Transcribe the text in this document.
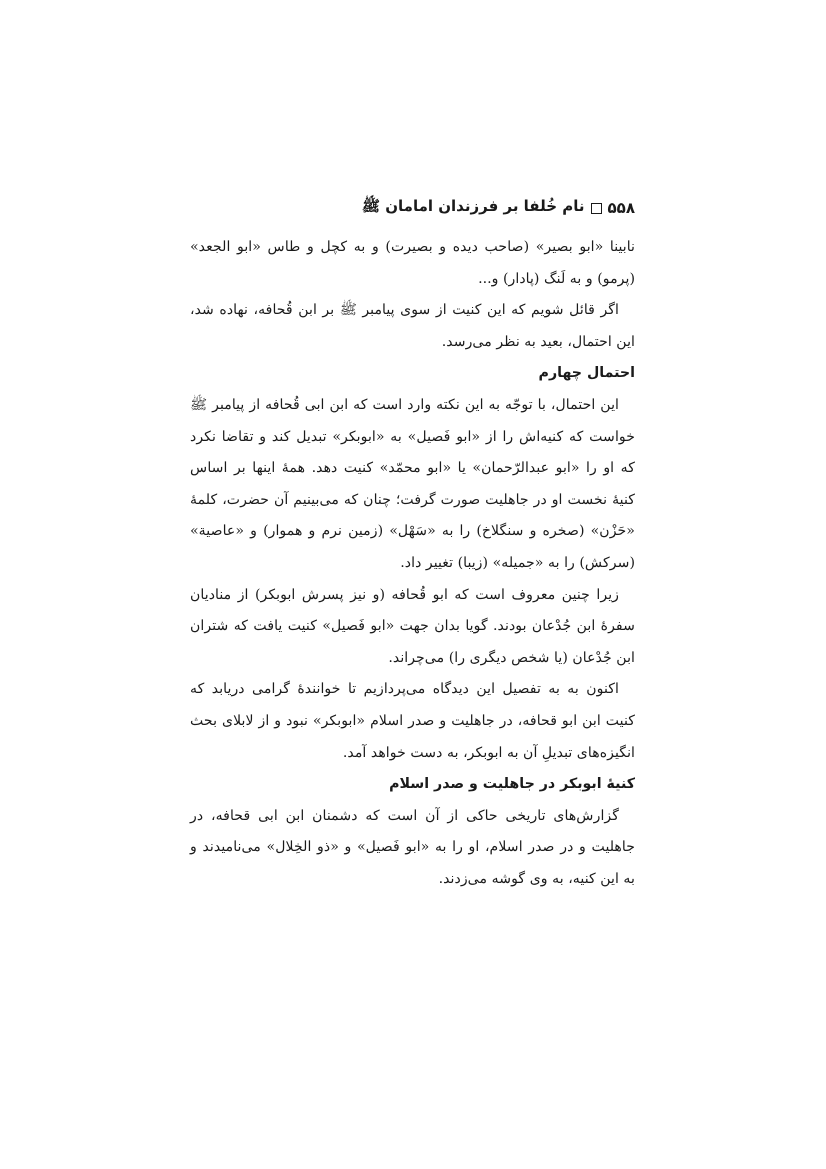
۵۵۸
نام خُلفا بر فرزندان امامان ﷺ

نابینا «ابو بصیر» (صاحب دیده و بصیرت) و به کچل و طاس «ابو الجعد» (پرمو) و به لَنگ (پادار) و...

اگر قائل شویم که این کنیت از سوی پیامبر ﷺ بر ابن قُحافه، نهاده شد، این احتمال، بعید به نظر می‌رسد.

احتمال چهارم

این احتمال، با توجّه به این نکته وارد است که ابن ابی قُحافه از پیامبر ﷺ خواست که کنیه‌اش را از «ابو فَصیل» به «ابوبکر» تبدیل کند و تقاضا نکرد که او را «ابو عبدالرّحمان» یا «ابو محمّد» کنیت دهد. همهٔ اینها بر اساس کنیهٔ نخست او در جاهلیت صورت گرفت؛ چنان که می‌بینیم آن حضرت، کلمهٔ «حَزْن» (صخره و سنگلاخ) را به «سَهْل» (زمین نرم و هموار) و «عاصیة» (سرکش) را به «جمیله» (زیبا) تغییر داد.

زیرا چنین معروف است که ابو قُحافه (و نیز پسرش ابوبکر) از منادیان سفرهٔ ابن جُدْعان بودند. گویا بدان جهت «ابو فَصیل» کنیت یافت که شتران ابن جُدْعان (یا شخص دیگری را) می‌چراند.

اکنون به به تفصیل این دیدگاه می‌پردازیم تا خوانندهٔ گرامی دریابد که کنیت ابن ابو قحافه، در جاهلیت و صدر اسلام «ابوبکر» نبود و از لابلای بحث انگیزه‌های تبدیلِ آن به ابوبکر، به دست خواهد آمد.

کنیهٔ ابوبکر در جاهلیت و صدر اسلام

گزارش‌های تاریخی حاکی از آن است که دشمنان ابن ابی قحافه، در جاهلیت و در صدر اسلام، او را به «ابو فَصیل» و «ذو الخِلال» می‌نامیدند و به این کنیه، به وی گوشه می‌زدند.
